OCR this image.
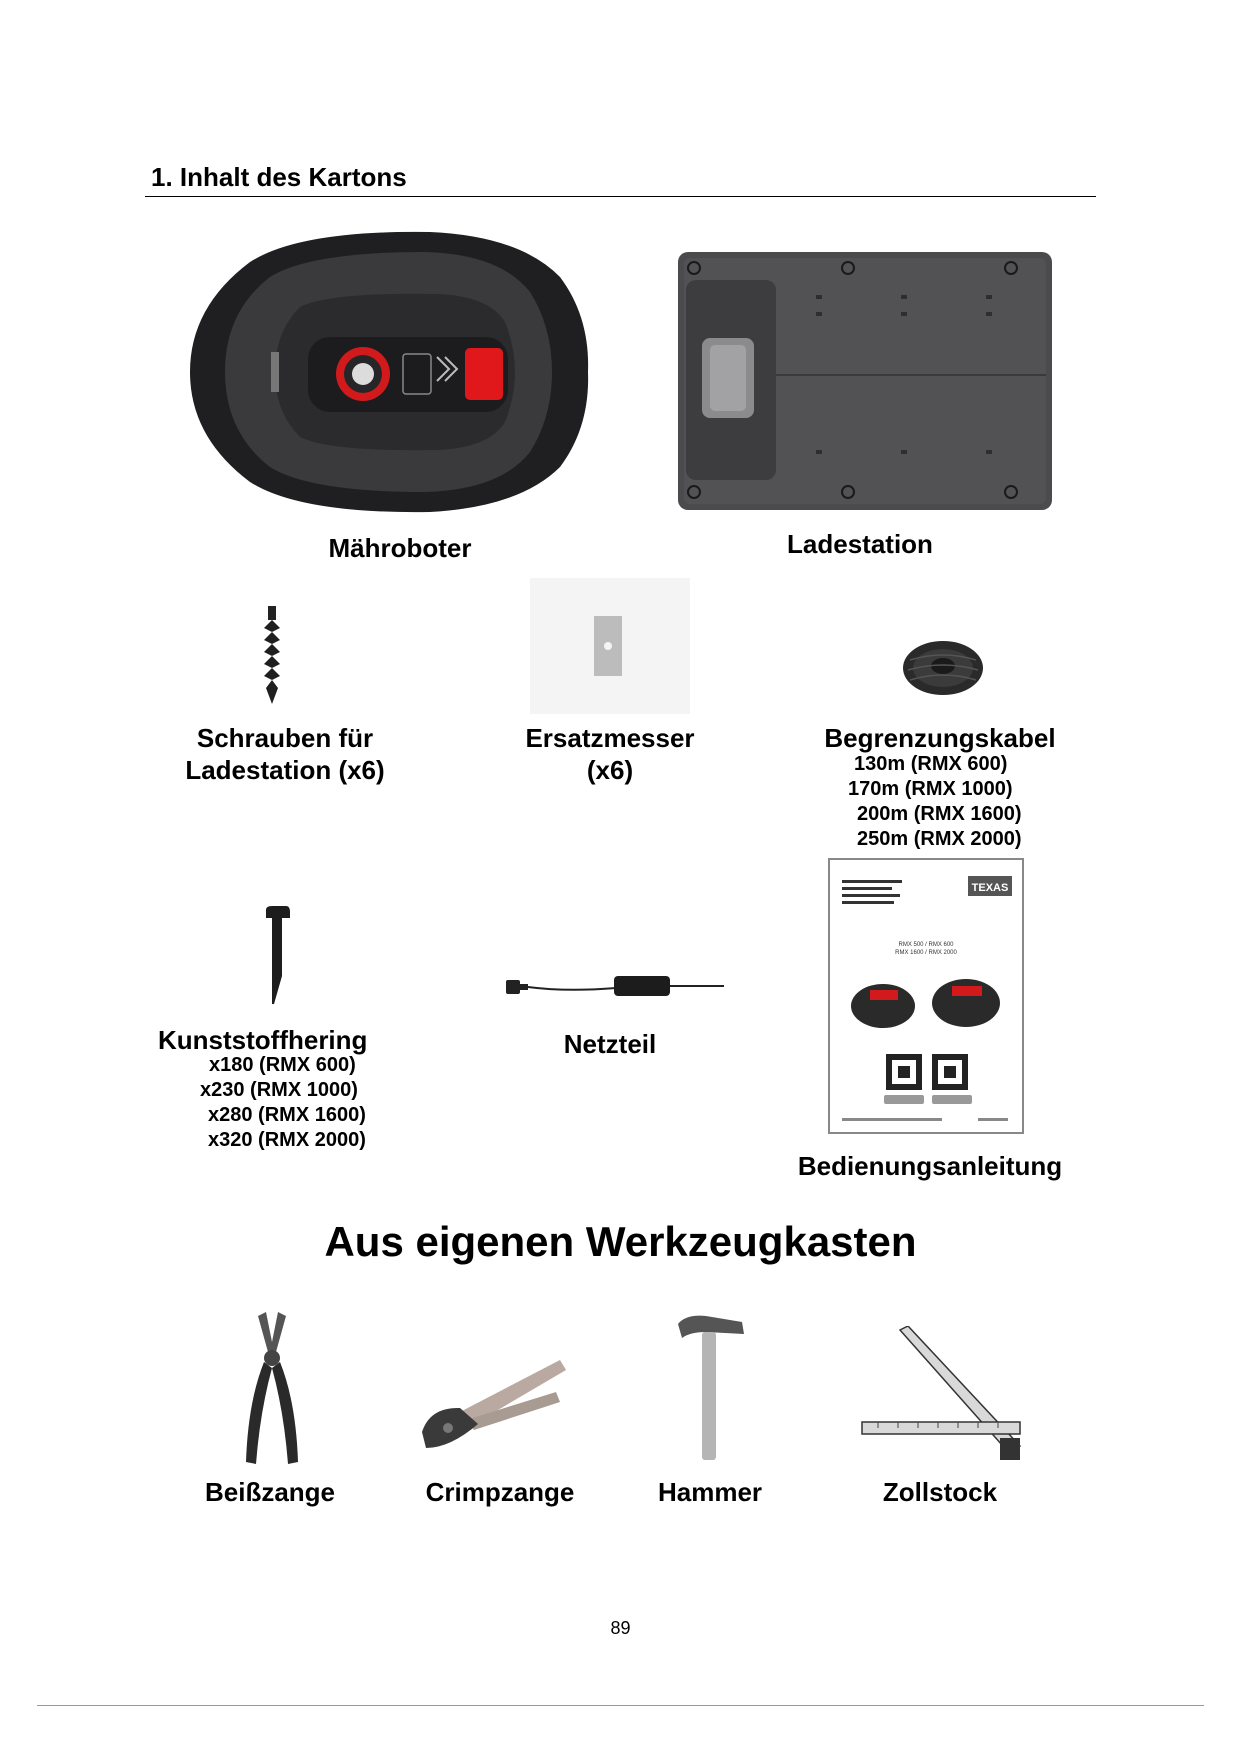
1. Inhalt des Kartons
Mähroboter	Ladestation
Schrauben für
Ladestation (x6)
Ersatzmesser
(x6)
Begrenzungskabel
130m (RMX 600)
170m (RMX 1000)
200m (RMX 1600)
250m (RMX 2000)
Kunststoffhering
x180 (RMX 600)
x230 (RMX 1000)
x280 (RMX 1600)
x320 (RMX 2000)
Netzteil
TEXAS
RMX 500 / RMX 600
RMX 1600 / RMX 2000
Bedienungsanleitung
Aus eigenen Werkzeugkasten
Beißzange	Crimpzange	Hammer	Zollstock
89
